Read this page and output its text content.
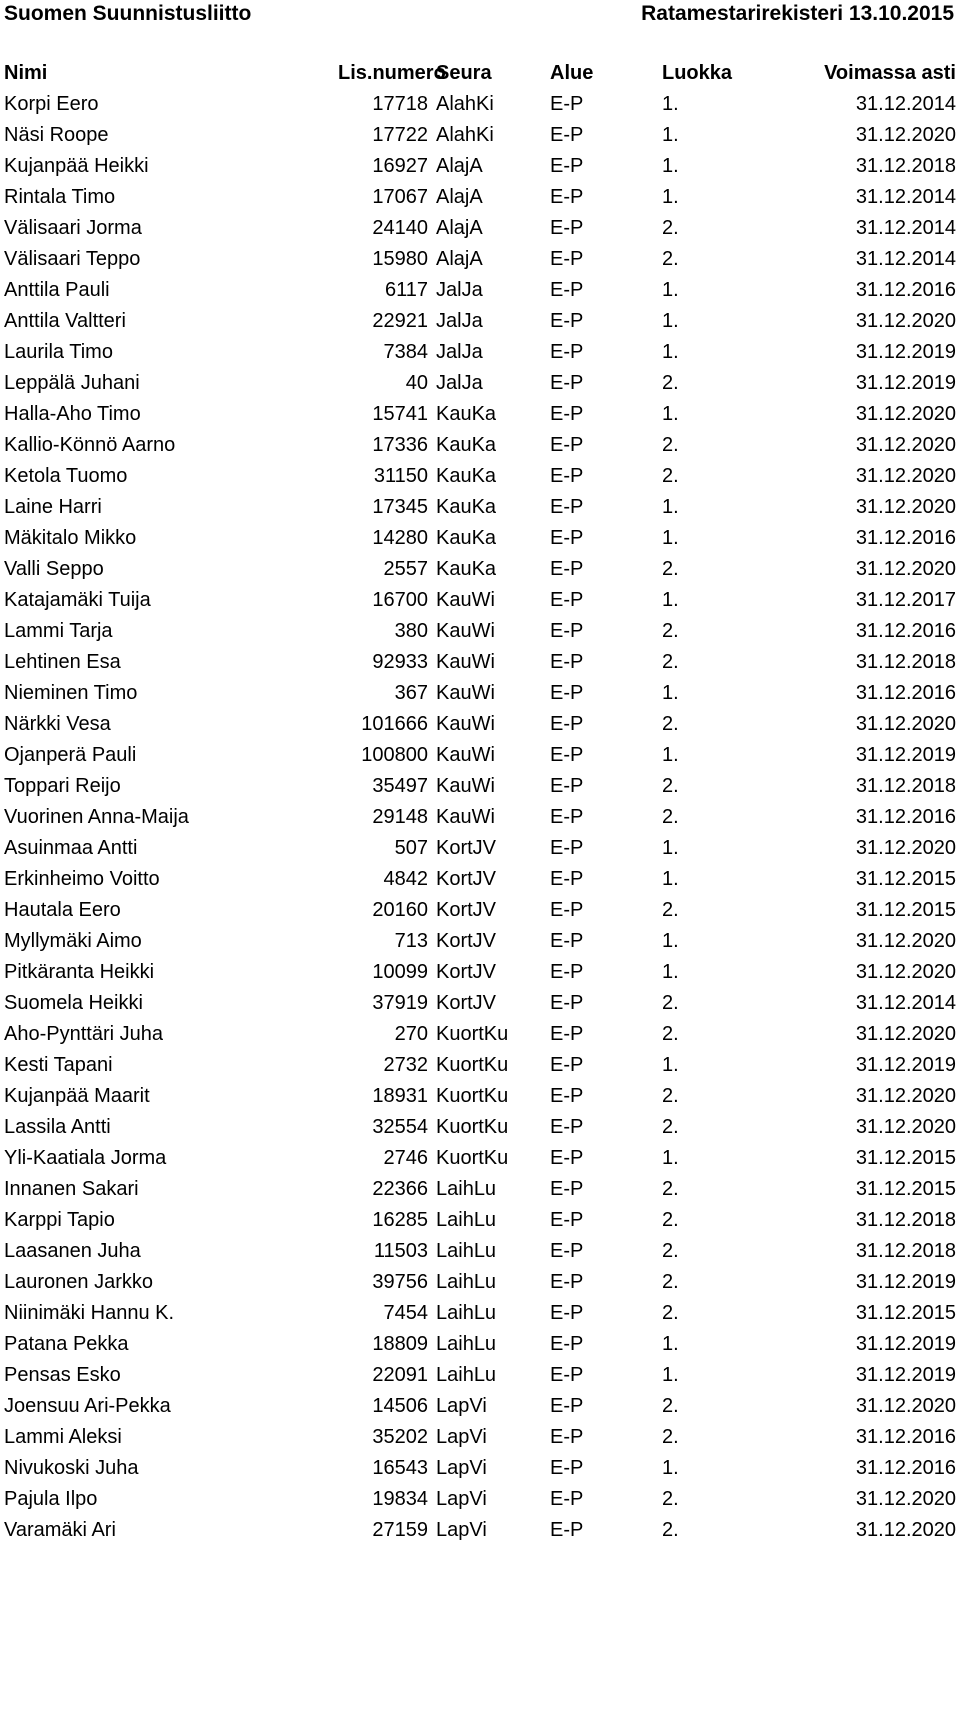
Suomen Suunnistusliitto	Ratamestarirekisteri 13.10.2015
Nimi	Lis.numero	Seura	Alue	Luokka	Voimassa asti
Korpi Eero	17718	AlahKi	E-P	1.	31.12.2014
Näsi Roope	17722	AlahKi	E-P	1.	31.12.2020
Kujanpää Heikki	16927	AlajA	E-P	1.	31.12.2018
Rintala Timo	17067	AlajA	E-P	1.	31.12.2014
Välisaari Jorma	24140	AlajA	E-P	2.	31.12.2014
Välisaari Teppo	15980	AlajA	E-P	2.	31.12.2014
Anttila Pauli	6117	JalJa	E-P	1.	31.12.2016
Anttila Valtteri	22921	JalJa	E-P	1.	31.12.2020
Laurila Timo	7384	JalJa	E-P	1.	31.12.2019
Leppälä Juhani	40	JalJa	E-P	2.	31.12.2019
Halla-Aho Timo	15741	KauKa	E-P	1.	31.12.2020
Kallio-Könnö Aarno	17336	KauKa	E-P	2.	31.12.2020
Ketola Tuomo	31150	KauKa	E-P	2.	31.12.2020
Laine Harri	17345	KauKa	E-P	1.	31.12.2020
Mäkitalo Mikko	14280	KauKa	E-P	1.	31.12.2016
Valli Seppo	2557	KauKa	E-P	2.	31.12.2020
Katajamäki Tuija	16700	KauWi	E-P	1.	31.12.2017
Lammi Tarja	380	KauWi	E-P	2.	31.12.2016
Lehtinen Esa	92933	KauWi	E-P	2.	31.12.2018
Nieminen Timo	367	KauWi	E-P	1.	31.12.2016
Närkki Vesa	101666	KauWi	E-P	2.	31.12.2020
Ojanperä Pauli	100800	KauWi	E-P	1.	31.12.2019
Toppari Reijo	35497	KauWi	E-P	2.	31.12.2018
Vuorinen Anna-Maija	29148	KauWi	E-P	2.	31.12.2016
Asuinmaa Antti	507	KortJV	E-P	1.	31.12.2020
Erkinheimo Voitto	4842	KortJV	E-P	1.	31.12.2015
Hautala Eero	20160	KortJV	E-P	2.	31.12.2015
Myllymäki Aimo	713	KortJV	E-P	1.	31.12.2020
Pitkäranta Heikki	10099	KortJV	E-P	1.	31.12.2020
Suomela Heikki	37919	KortJV	E-P	2.	31.12.2014
Aho-Pynttäri Juha	270	KuortKu	E-P	2.	31.12.2020
Kesti Tapani	2732	KuortKu	E-P	1.	31.12.2019
Kujanpää Maarit	18931	KuortKu	E-P	2.	31.12.2020
Lassila Antti	32554	KuortKu	E-P	2.	31.12.2020
Yli-Kaatiala Jorma	2746	KuortKu	E-P	1.	31.12.2015
Innanen Sakari	22366	LaihLu	E-P	2.	31.12.2015
Karppi Tapio	16285	LaihLu	E-P	2.	31.12.2018
Laasanen Juha	11503	LaihLu	E-P	2.	31.12.2018
Lauronen Jarkko	39756	LaihLu	E-P	2.	31.12.2019
Niinimäki Hannu K.	7454	LaihLu	E-P	2.	31.12.2015
Patana Pekka	18809	LaihLu	E-P	1.	31.12.2019
Pensas Esko	22091	LaihLu	E-P	1.	31.12.2019
Joensuu Ari-Pekka	14506	LapVi	E-P	2.	31.12.2020
Lammi Aleksi	35202	LapVi	E-P	2.	31.12.2016
Nivukoski Juha	16543	LapVi	E-P	1.	31.12.2016
Pajula Ilpo	19834	LapVi	E-P	2.	31.12.2020
Varamäki Ari	27159	LapVi	E-P	2.	31.12.2020
